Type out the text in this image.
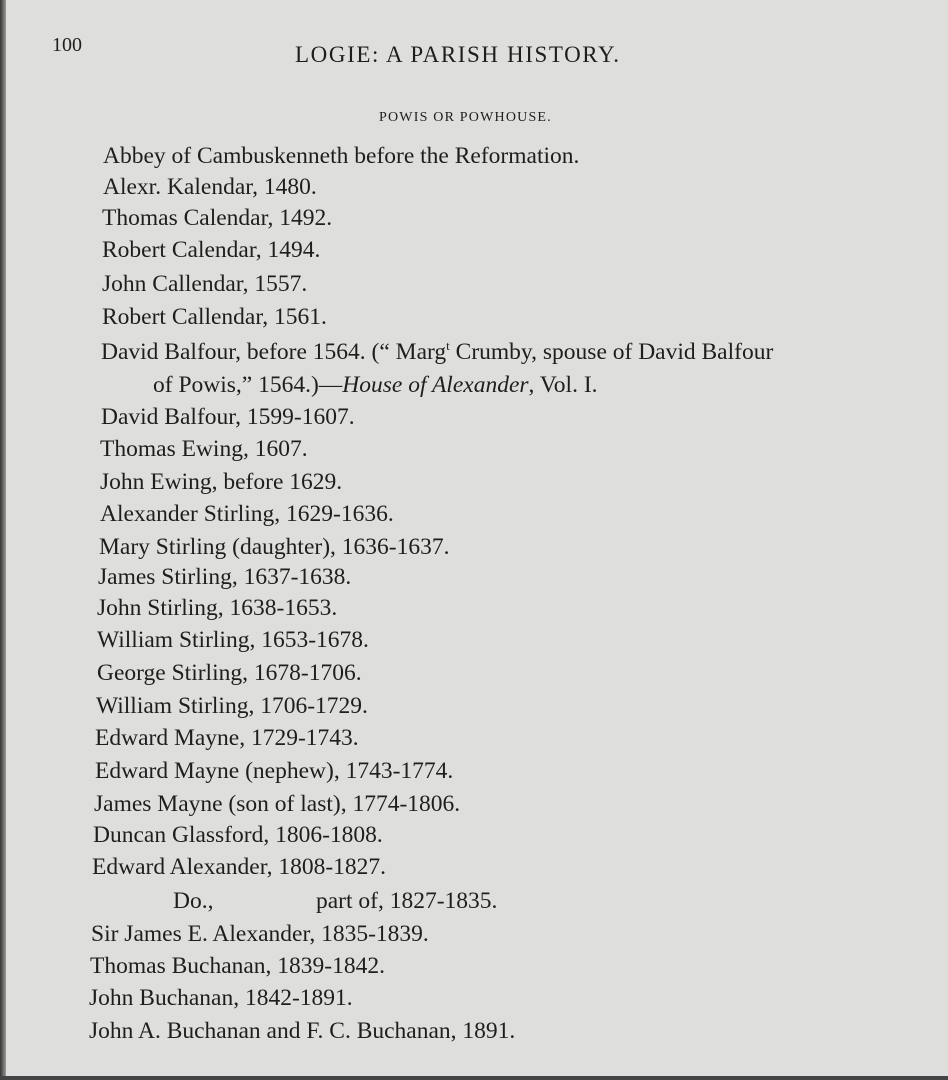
100	LOGIE: A PARISH HISTORY.
POWIS OR POWHOUSE.
Abbey of Cambuskenneth before the Reformation.
Alexr. Kalendar, 1480.
Thomas Calendar, 1492.
Robert Calendar, 1494.
John Callendar, 1557.
Robert Callendar, 1561.
David Balfour, before 1564. (“ Marg$^t$ Crumby, spouse of David Balfour
of Powis,” 1564.)—House of Alexander, Vol. I.
David Balfour, 1599-1607.
Thomas Ewing, 1607.
John Ewing, before 1629.
Alexander Stirling, 1629-1636.
Mary Stirling (daughter), 1636-1637.
James Stirling, 1637-1638.
John Stirling, 1638-1653.
William Stirling, 1653-1678.
George Stirling, 1678-1706.
William Stirling, 1706-1729.
Edward Mayne, 1729-1743.
Edward Mayne (nephew), 1743-1774.
James Mayne (son of last), 1774-1806.
Duncan Glassford, 1806-1808.
Edward Alexander, 1808-1827.
Do.,	part of, 1827-1835.
Sir James E. Alexander, 1835-1839.
Thomas Buchanan, 1839-1842.
John Buchanan, 1842-1891.
John A. Buchanan and F. C. Buchanan, 1891.
